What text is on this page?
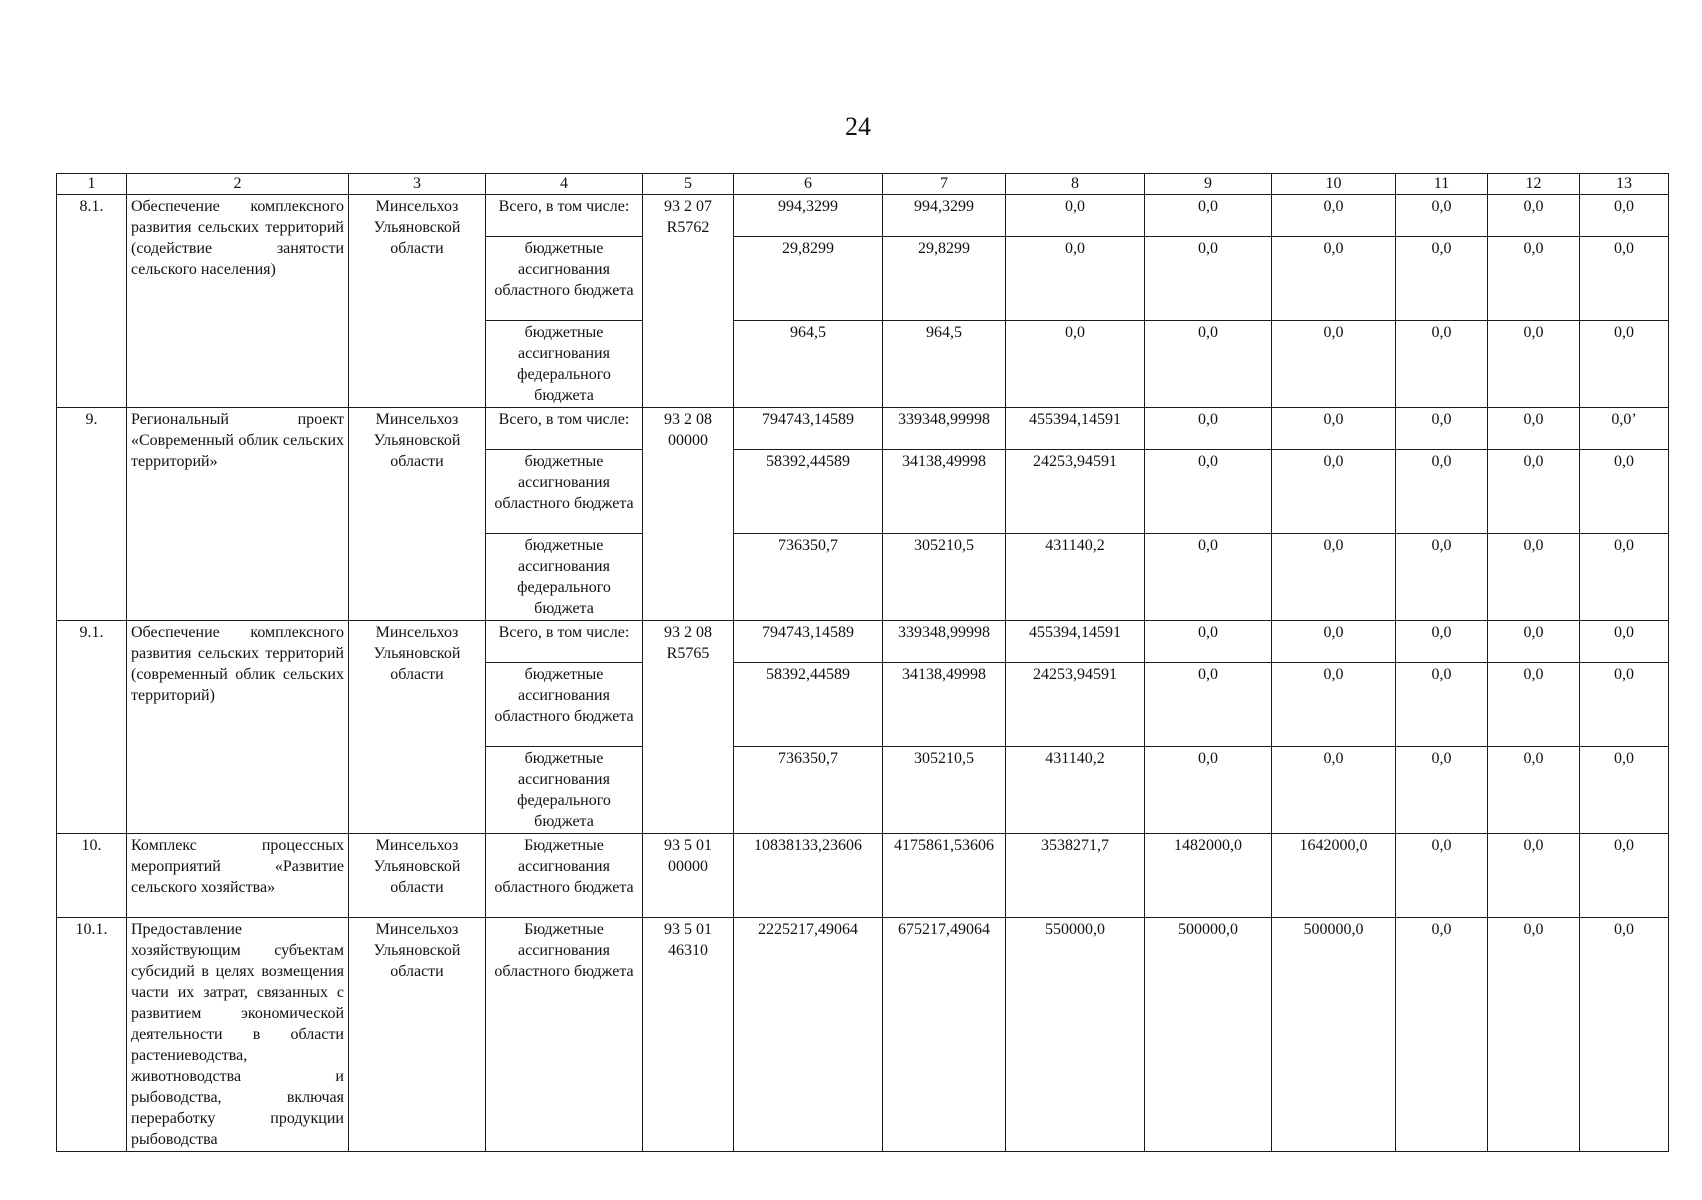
24
1	2	3	4	5	6	7	8	9	10	11	12	13
8.1.	Обеспечение комплексного развития сельских территорий (содействие занятости сельского населения)	Минсельхоз Ульяновской области	Всего, в том числе:	93 2 07 R5762	994,3299	994,3299	0,0	0,0	0,0	0,0	0,0	0,0
			бюджетные ассигнования областного бюджета		29,8299	29,8299	0,0	0,0	0,0	0,0	0,0	0,0
			бюджетные ассигнования федерального бюджета		964,5	964,5	0,0	0,0	0,0	0,0	0,0	0,0
9.	Региональный проект «Современный облик сельских территорий»	Минсельхоз Ульяновской области	Всего, в том числе:	93 2 08 00000	794743,14589	339348,99998	455394,14591	0,0	0,0	0,0	0,0	0,0’
			бюджетные ассигнования областного бюджета		58392,44589	34138,49998	24253,94591	0,0	0,0	0,0	0,0	0,0
			бюджетные ассигнования федерального бюджета		736350,7	305210,5	431140,2	0,0	0,0	0,0	0,0	0,0
9.1.	Обеспечение комплексного развития сельских территорий (современный облик сельских территорий)	Минсельхоз Ульяновской области	Всего, в том числе:	93 2 08 R5765	794743,14589	339348,99998	455394,14591	0,0	0,0	0,0	0,0	0,0
			бюджетные ассигнования областного бюджета		58392,44589	34138,49998	24253,94591	0,0	0,0	0,0	0,0	0,0
			бюджетные ассигнования федерального бюджета		736350,7	305210,5	431140,2	0,0	0,0	0,0	0,0	0,0
10.	Комплекс процессных мероприятий «Развитие сельского хозяйства»	Минсельхоз Ульяновской области	Бюджетные ассигнования областного бюджета	93 5 01 00000	10838133,23606	4175861,53606	3538271,7	1482000,0	1642000,0	0,0	0,0	0,0
10.1.	Предоставление хозяйствующим субъектам субсидий в целях возмещения части их затрат, связанных с развитием экономической деятельности в области растениеводства, животноводства и рыбоводства, включая переработку продукции рыбоводства	Минсельхоз Ульяновской области	Бюджетные ассигнования областного бюджета	93 5 01 46310	2225217,49064	675217,49064	550000,0	500000,0	500000,0	0,0	0,0	0,0
